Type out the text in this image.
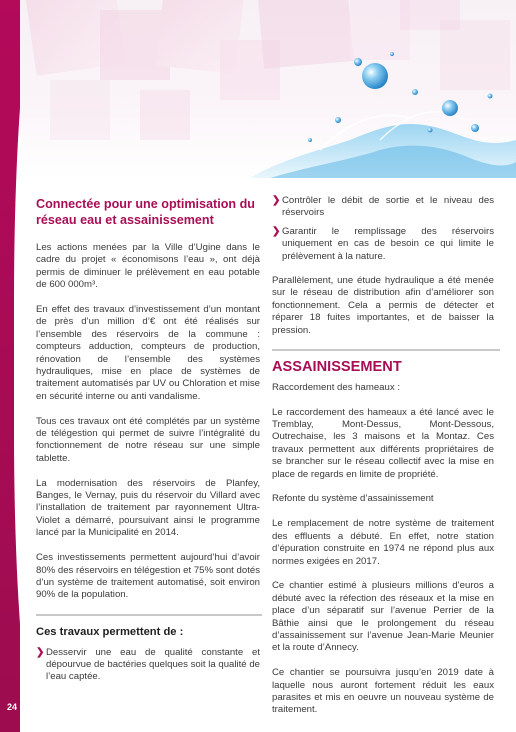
Connectée pour une optimisation du réseau eau et assainissement

Les actions menées par la Ville d’Ugine dans le cadre du projet « économisons l’eau », ont déjà permis de diminuer le prélèvement en eau potable de 600 000m³.

En effet des travaux d’investissement d’un montant de près d’un million d’€ ont été réalisés sur l’ensemble des réservoirs de la commune : compteurs adduction, compteurs de production, rénovation de l’ensemble des systèmes hydrauliques, mise en place de systèmes de traitement automatisés par UV ou Chloration et mise en sécurité interne ou anti vandalisme.

Tous ces travaux ont été complétés par un système de télégestion qui permet de suivre l’intégralité du fonctionnement de notre réseau sur une simple tablette.

La modernisation des réservoirs de Planfey, Banges, le Vernay, puis du réservoir du Villard avec l’installation de traitement par rayonnement Ultra-Violet a démarré, poursuivant ainsi le programme lancé par la Municipalité en 2014.

Ces investissements permettent aujourd’hui d’avoir 80% des réservoirs en télégestion et 75% sont dotés d’un système de traitement automatisé, soit environ 90% de la population.

Ces travaux permettent de :
❯ Desservir une eau de qualité constante et dépourvue de bactéries quelques soit la qualité de l’eau captée.
❯ Contrôler le débit de sortie et le niveau des réservoirs
❯ Garantir le remplissage des réservoirs uniquement en cas de besoin ce qui limite le prélèvement à la nature.

Parallèlement, une étude hydraulique a été menée sur le réseau de distribution afin d’améliorer son fonctionnement. Cela a permis de détecter et réparer 18 fuites importantes, et de baisser la pression.

ASSAINISSEMENT

Raccordement des hameaux :

Le raccordement des hameaux a été lancé avec le Tremblay, Mont-Dessus, Mont-Dessous, Outrechaise, les 3 maisons et la Montaz. Ces travaux permettent aux différents propriétaires de se brancher sur le réseau collectif avec la mise en place de regards en limite de propriété.

Refonte du système d’assainissement

Le remplacement de notre système de traitement des effluents a débuté. En effet, notre station d’épuration construite en 1974 ne répond plus aux normes exigées en 2017.

Ce chantier estimé à plusieurs millions d’euros a débuté avec la réfection des réseaux et la mise en place d’un séparatif sur l’avenue Perrier de la Bâthie ainsi que le prolongement du réseau d’assainissement sur l’avenue Jean-Marie Meunier et la route d’Annecy.

Ce chantier se poursuivra jusqu’en 2019 date à laquelle nous auront fortement réduit les eaux parasites et mis en oeuvre un nouveau système de traitement.

24
